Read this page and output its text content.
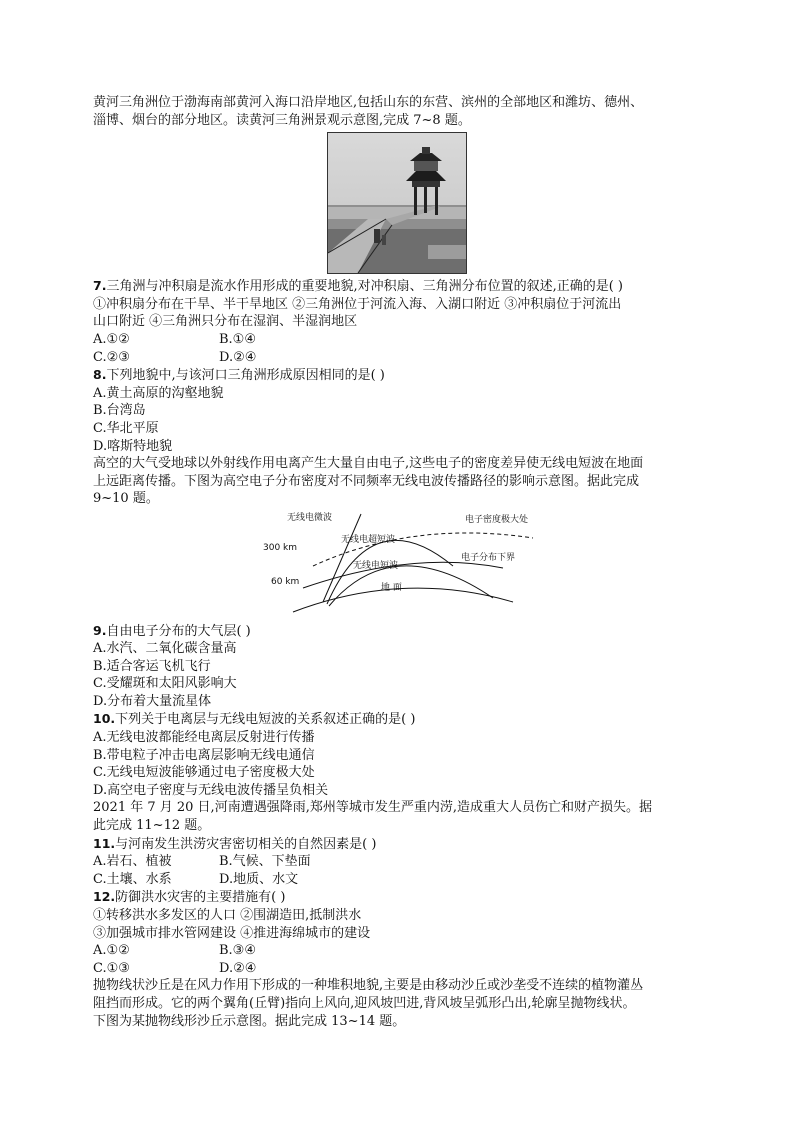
黄河三角洲位于渤海南部黄河入海口沿岸地区,包括山东的东营、滨州的全部地区和潍坊、德州、
淄博、烟台的部分地区。读黄河三角洲景观示意图,完成 7~8 题。

7.三角洲与冲积扇是流水作用形成的重要地貌,对冲积扇、三角洲分布位置的叙述,正确的是( )

①冲积扇分布在干旱、半干旱地区 ②三角洲位于河流入海、入湖口附近 ③冲积扇位于河流出

山口附近 ④三角洲只分布在湿润、半湿润地区

A.①②	B.①④
C.②③	D.②④

8.下列地貌中,与该河口三角洲形成原因相同的是( )

A.黄土高原的沟壑地貌

B.台湾岛

C.华北平原

D.喀斯特地貌

高空的大气受地球以外射线作用电离产生大量自由电子,这些电子的密度差异使无线电短波在地面
上远距离传播。下图为高空电子分布密度对不同频率无线电波传播路径的影响示意图。据此完成
9~10 题。

无线电微波
无线电超短波
无线电短波
电子密度极大处
电子分布下界
地 面
300 km
60 km

9.自由电子分布的大气层( )

A.水汽、二氧化碳含量高

B.适合客运飞机飞行

C.受耀斑和太阳风影响大

D.分布着大量流星体

10.下列关于电离层与无线电短波的关系叙述正确的是( )

A.无线电波都能经电离层反射进行传播

B.带电粒子冲击电离层影响无线电通信

C.无线电短波能够通过电子密度极大处

D.高空电子密度与无线电波传播呈负相关

2021 年 7 月 20 日,河南遭遇强降雨,郑州等城市发生严重内涝,造成重大人员伤亡和财产损失。据
此完成 11~12 题。

11.与河南发生洪涝灾害密切相关的自然因素是( )

A.岩石、植被	B.气候、下垫面
C.土壤、水系	D.地质、水文

12.防御洪水灾害的主要措施有( )

①转移洪水多发区的人口 ②围湖造田,抵制洪水

③加强城市排水管网建设 ④推进海绵城市的建设

A.①②	B.③④
C.①③	D.②④

抛物线状沙丘是在风力作用下形成的一种堆积地貌,主要是由移动沙丘或沙垄受不连续的植物灌丛
阻挡而形成。它的两个翼角(丘臂)指向上风向,迎风坡凹进,背风坡呈弧形凸出,轮廓呈抛物线状。
下图为某抛物线形沙丘示意图。据此完成 13~14 题。
